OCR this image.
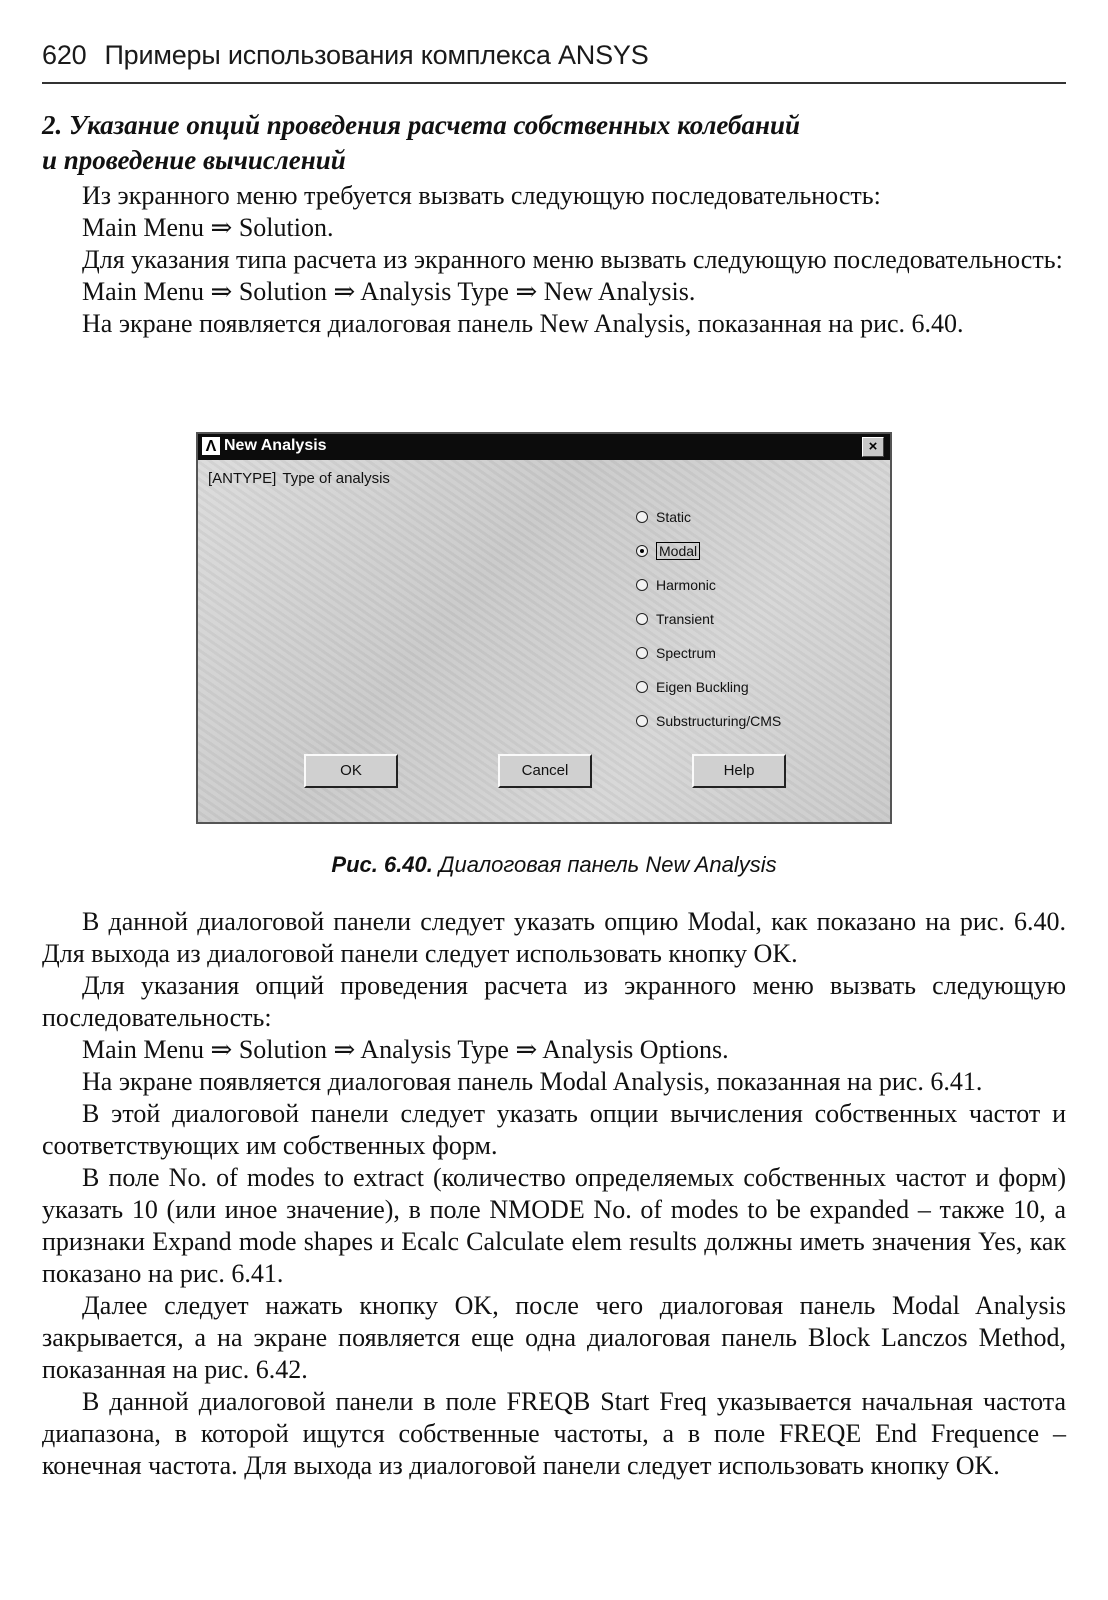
620 Примеры использования комплекса ANSYS
2. Указание опций проведения расчета собственных колебаний
и проведение вычислений

Из экранного меню требуется вызвать следующую последовательность:

Main Menu ⇒ Solution.

Для указания типа расчета из экранного меню вызвать следующую последовательность:

Main Menu ⇒ Solution ⇒ Analysis Type ⇒ New Analysis.

На экране появляется диалоговая панель New Analysis, показанная на рис. 6.40.

Λ New Analysis	×
[ANTYPE] Type of analysis
Static
Modal
Harmonic
Transient
Spectrum
Eigen Buckling
Substructuring/CMS
OK	Cancel	Help
Рис. 6.40. Диалоговая панель New Analysis

В данной диалоговой панели следует указать опцию Modal, как показано на рис. 6.40. Для выхода из диалоговой панели следует использовать кнопку OK.

Для указания опций проведения расчета из экранного меню вызвать следующую последовательность:

Main Menu ⇒ Solution ⇒ Analysis Type ⇒ Analysis Options.

На экране появляется диалоговая панель Modal Analysis, показанная на рис. 6.41.

В этой диалоговой панели следует указать опции вычисления собственных частот и соответствующих им собственных форм.

В поле No. of modes to extract (количество определяемых собственных частот и форм) указать 10 (или иное значение), в поле NMODE No. of modes to be expanded – также 10, а признаки Expand mode shapes и Ecalc Calculate elem results должны иметь значения Yes, как показано на рис. 6.41.

Далее следует нажать кнопку OK, после чего диалоговая панель Modal Analysis закрывается, а на экране появляется еще одна диалоговая панель Block Lanczos Method, показанная на рис. 6.42.

В данной диалоговой панели в поле FREQB Start Freq указывается начальная частота диапазона, в которой ищутся собственные частоты, а в поле FREQE End Frequence – конечная частота. Для выхода из диалоговой панели следует использовать кнопку OK.
